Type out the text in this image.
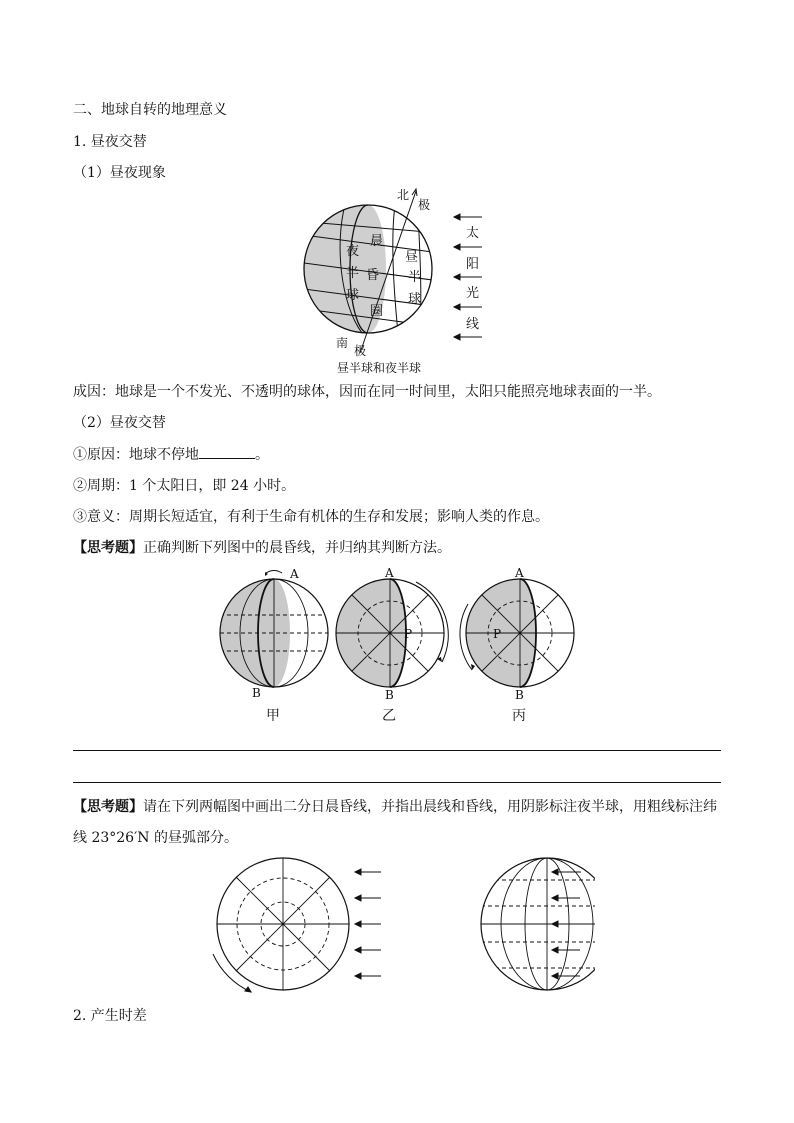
二、地球自转的地理意义
1. 昼夜交替
（1）昼夜现象
北
极
南
极
夜
半
球
晨
昏
圈
昼
半
球
太
阳
光
线
昼半球和夜半球
成因：地球是一个不发光、不透明的球体，因而在同一时间里，太阳只能照亮地球表面的一半。
（2）昼夜交替
①原因：地球不停地	。
②周期：1 个太阳日，即 24 小时。
③意义：周期长短适宜，有利于生命有机体的生存和发展；影响人类的作息。
【思考题】正确判断下列图中的晨昏线，并归纳其判断方法。
A
B
甲
A
B
P
乙
A
B
P
丙
【思考题】请在下列两幅图中画出二分日晨昏线，并指出晨线和昏线，用阴影标注夜半球，用粗线标注纬
线 23°26′N 的昼弧部分。
2. 产生时差
